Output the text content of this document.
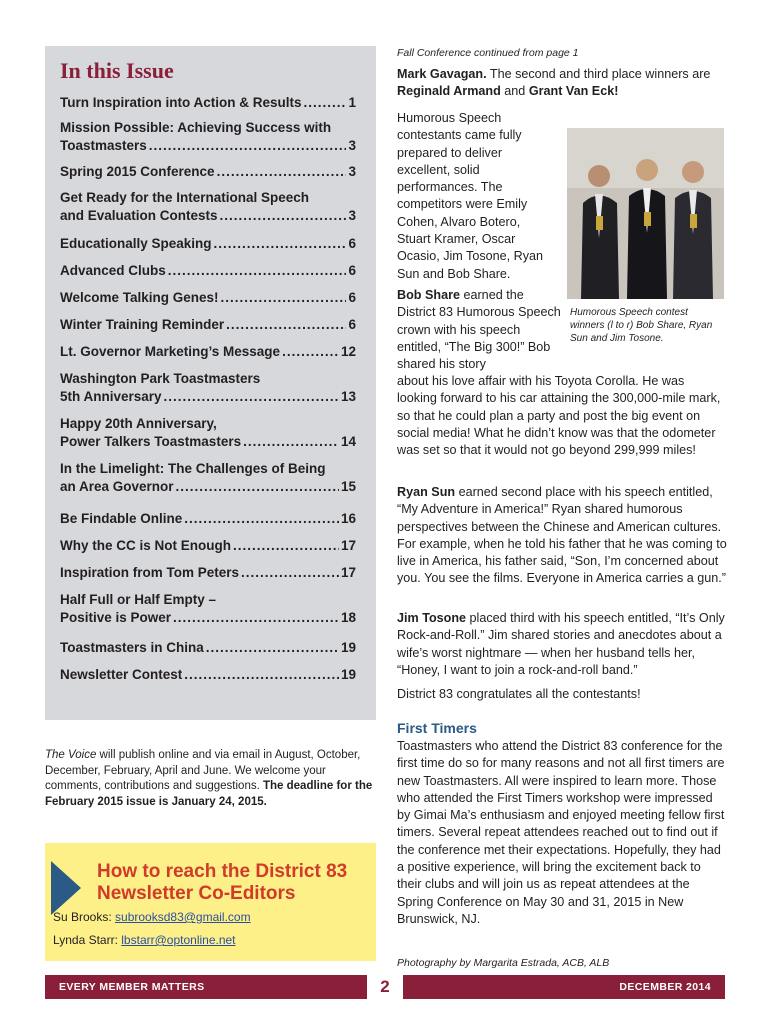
In this Issue
Turn Inspiration into Action & Results .....	1
Mission Possible: Achieving Success with
Toastmasters .....	3
Spring 2015 Conference .....	3
Get Ready for the International Speech
and Evaluation Contests .....	3
Educationally Speaking .....	6
Advanced Clubs .....	6
Welcome Talking Genes! .....	6
Winter Training Reminder .....	6
Lt. Governor Marketing’s Message .....	12
Washington Park Toastmasters
5th Anniversary .....	13
Happy 20th Anniversary,
Power Talkers Toastmasters .....	14
In the Limelight: The Challenges of Being
an Area Governor .....	15
Be Findable Online .....	16
Why the CC is Not Enough .....	17
Inspiration from Tom Peters .....	17
Half Full or Half Empty –
Positive is Power .....	18
Toastmasters in China .....	19
Newsletter Contest .....	19
The Voice will publish online and via email in August, October, December, February, April and June. We welcome your comments, contributions and suggestions. The deadline for the February 2015 issue is January 24, 2015.
How to reach the District 83
Newsletter Co-Editors
Su Brooks: subrooksd83@gmail.com
Lynda Starr: lbstarr@optonline.net
Fall Conference continued from page 1
Mark Gavagan. The second and third place winners are Reginald Armand and Grant Van Eck!
Humorous Speech contestants came fully prepared to deliver excellent, solid performances. The competitors were Emily Cohen, Alvaro Botero, Stuart Kramer, Oscar Ocasio, Jim Tosone, Ryan Sun and Bob Share.
Humorous Speech contest winners (l to r) Bob Share, Ryan Sun and Jim Tosone.
Bob Share earned the District 83 Humorous Speech crown with his speech entitled, “The Big 300!” Bob shared his story
about his love affair with his Toyota Corolla. He was looking forward to his car attaining the 300,000-mile mark, so that he could plan a party and post the big event on social media! What he didn’t know was that the odometer was set so that it would not go beyond 299,999 miles!
Ryan Sun earned second place with his speech entitled, “My Adventure in America!” Ryan shared humorous perspectives between the Chinese and American cultures. For example, when he told his father that he was coming to live in America, his father said, “Son, I’m concerned about you. You see the films. Everyone in America carries a gun.”
Jim Tosone placed third with his speech entitled, “It’s Only Rock-and-Roll.” Jim shared stories and anecdotes about a wife’s worst nightmare — when her husband tells her, “Honey, I want to join a rock-and-roll band.”
District 83 congratulates all the contestants!
First Timers
Toastmasters who attend the District 83 conference for the first time do so for many reasons and not all first timers are new Toastmasters. All were inspired to learn more. Those who attended the First Timers workshop were impressed by Gimai Ma’s enthusiasm and enjoyed meeting fellow first timers. Several repeat attendees reached out to find out if the conference met their expectations. Hopefully, they had a positive experience, will bring the excitement back to their clubs and will join us as repeat attendees at the Spring Conference on May 30 and 31, 2015 in New Brunswick, NJ.
Photography by Margarita Estrada, ACB, ALB
EVERY MEMBER MATTERS	2	DECEMBER 2014
